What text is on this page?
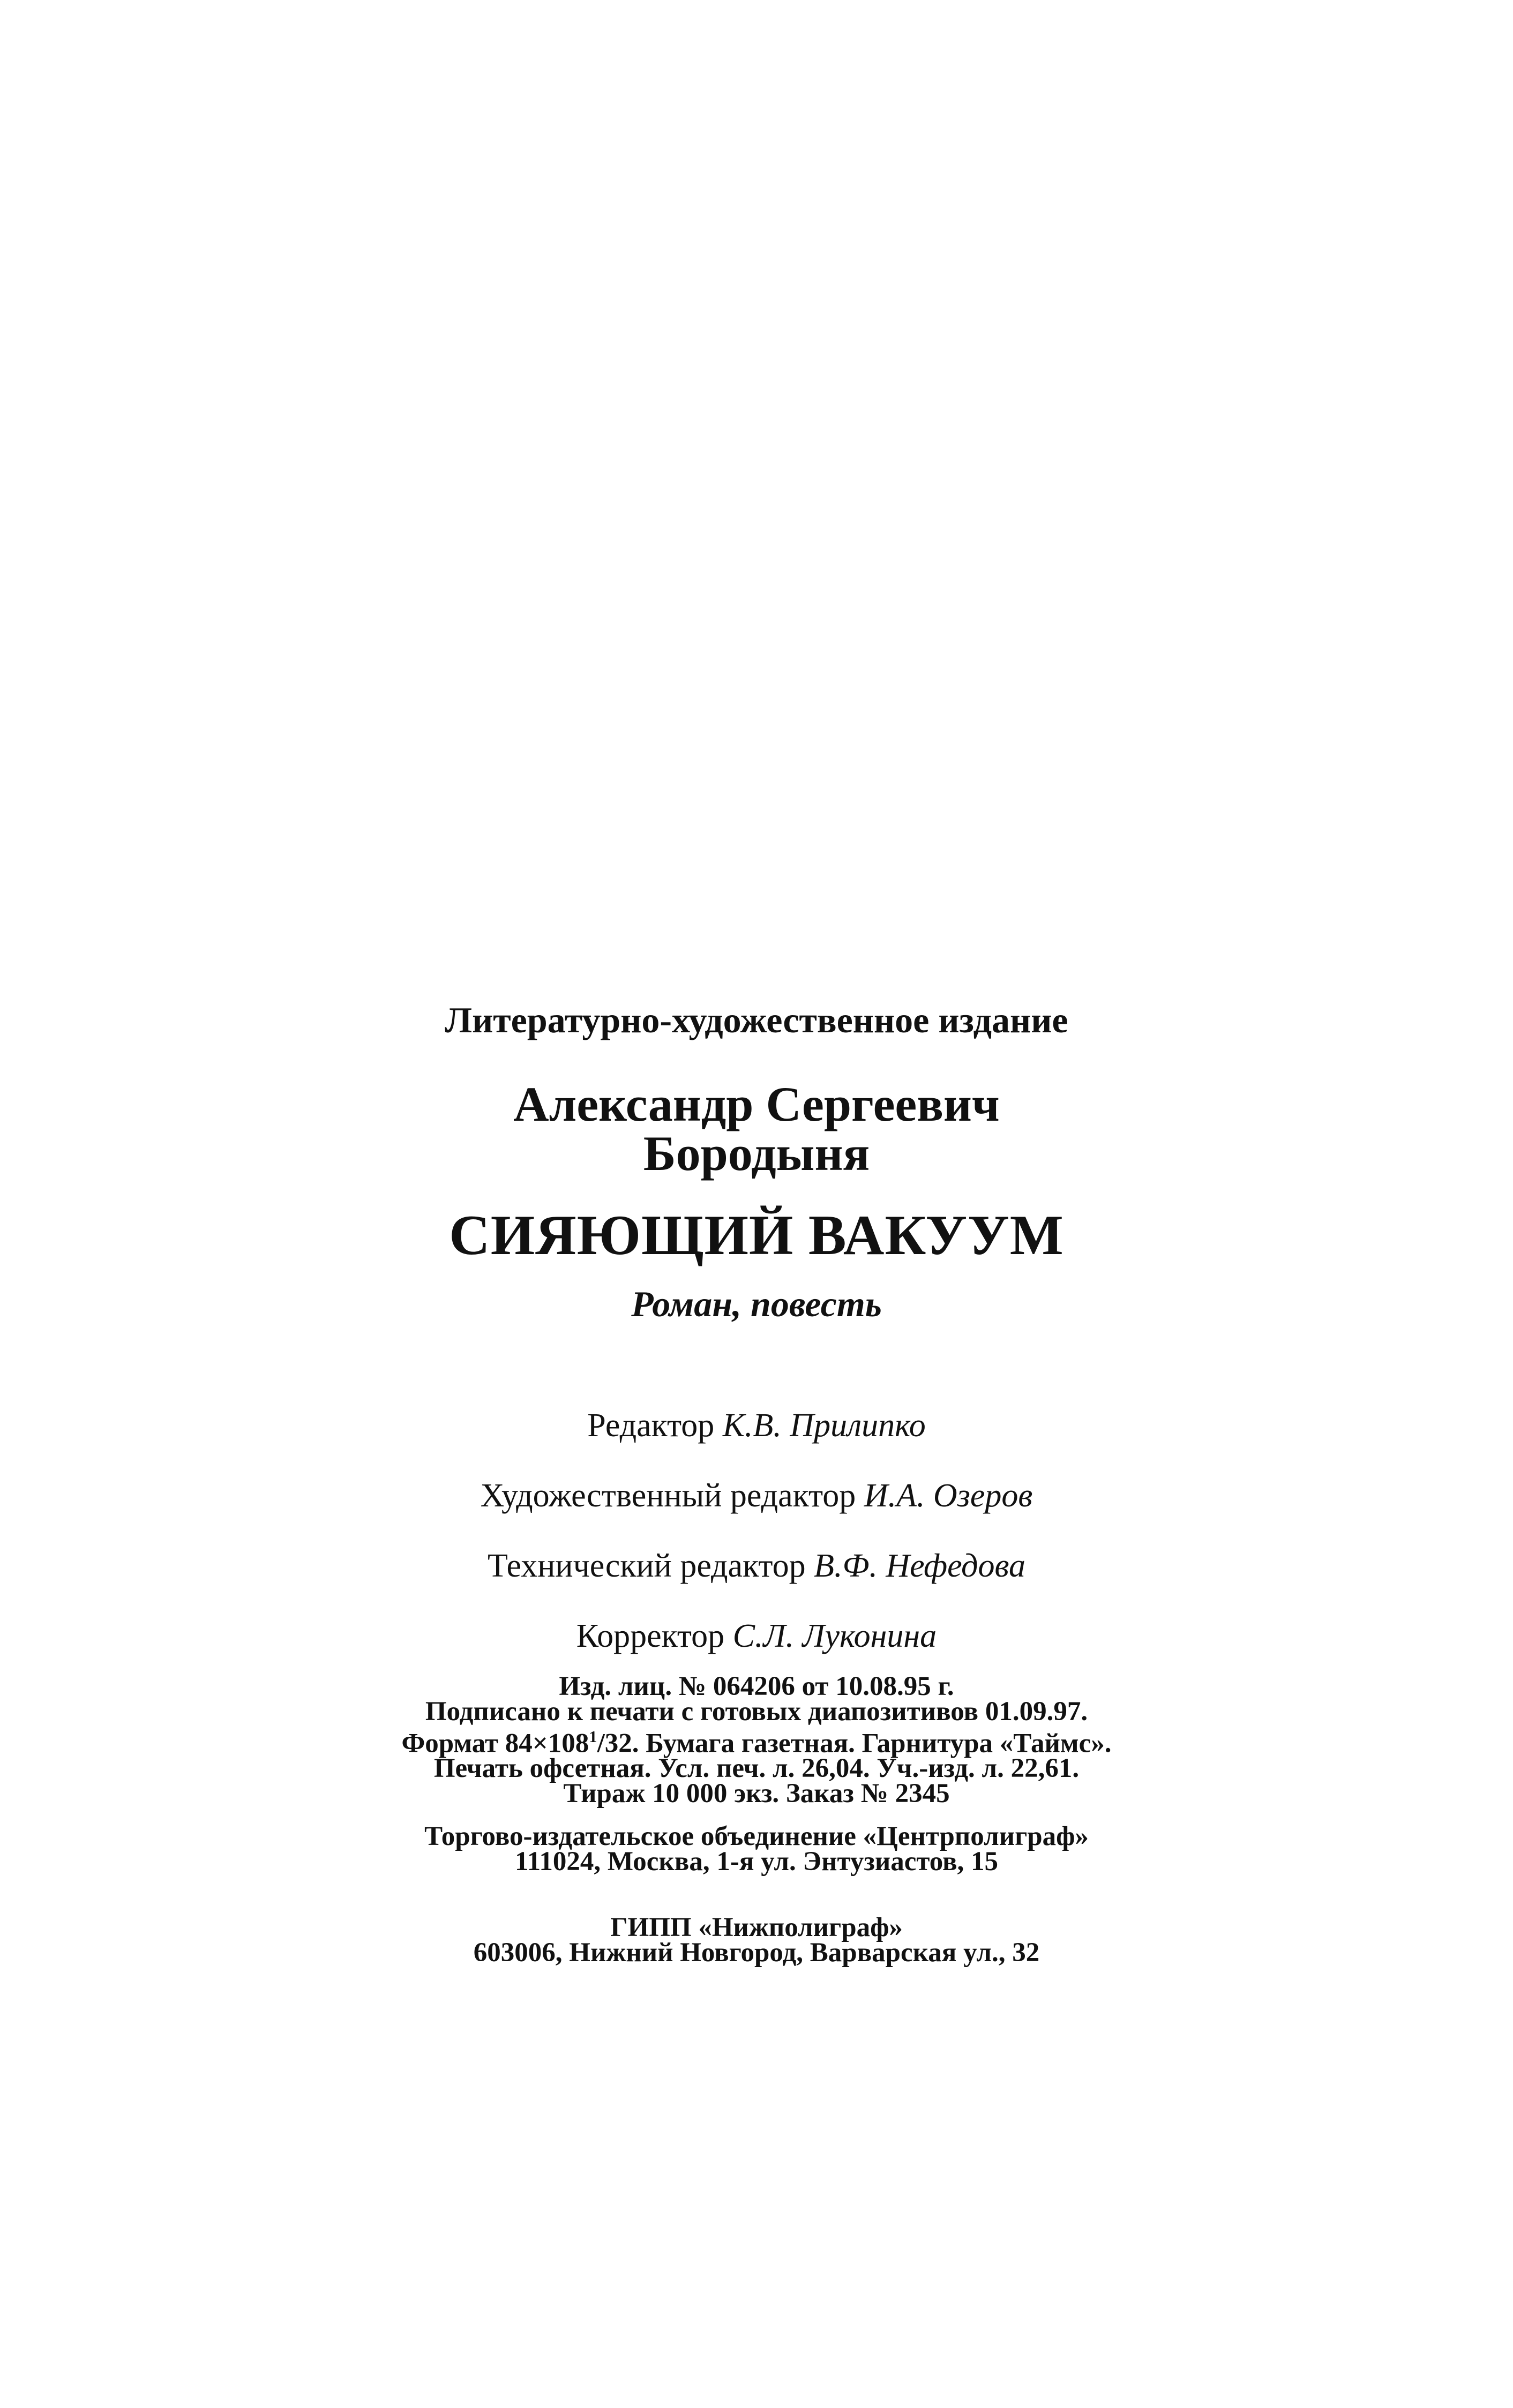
Литературно-художественное издание
Александр Сергеевич
Бородыня
СИЯЮЩИЙ ВАКУУМ
Роман, повесть
Редактор К.В. Прилипко
Художественный редактор И.А. Озеров
Технический редактор В.Ф. Нефедова
Корректор С.Л. Луконина
Изд. лиц. № 064206 от 10.08.95 г.
Подписано к печати с готовых диапозитивов 01.09.97.
Формат $84\times 108^1/32$. Бумага газетная. Гарнитура «Таймс».
Печать офсетная. Усл. печ. л. 26,04. Уч.-изд. л. 22,61.
Тираж 10 000 экз. Заказ № 2345
Торгово-издательское объединение «Центрполиграф»
111024, Москва, 1-я ул. Энтузиастов, 15
ГИПП «Нижполиграф»
603006, Нижний Новгород, Варварская ул., 32
